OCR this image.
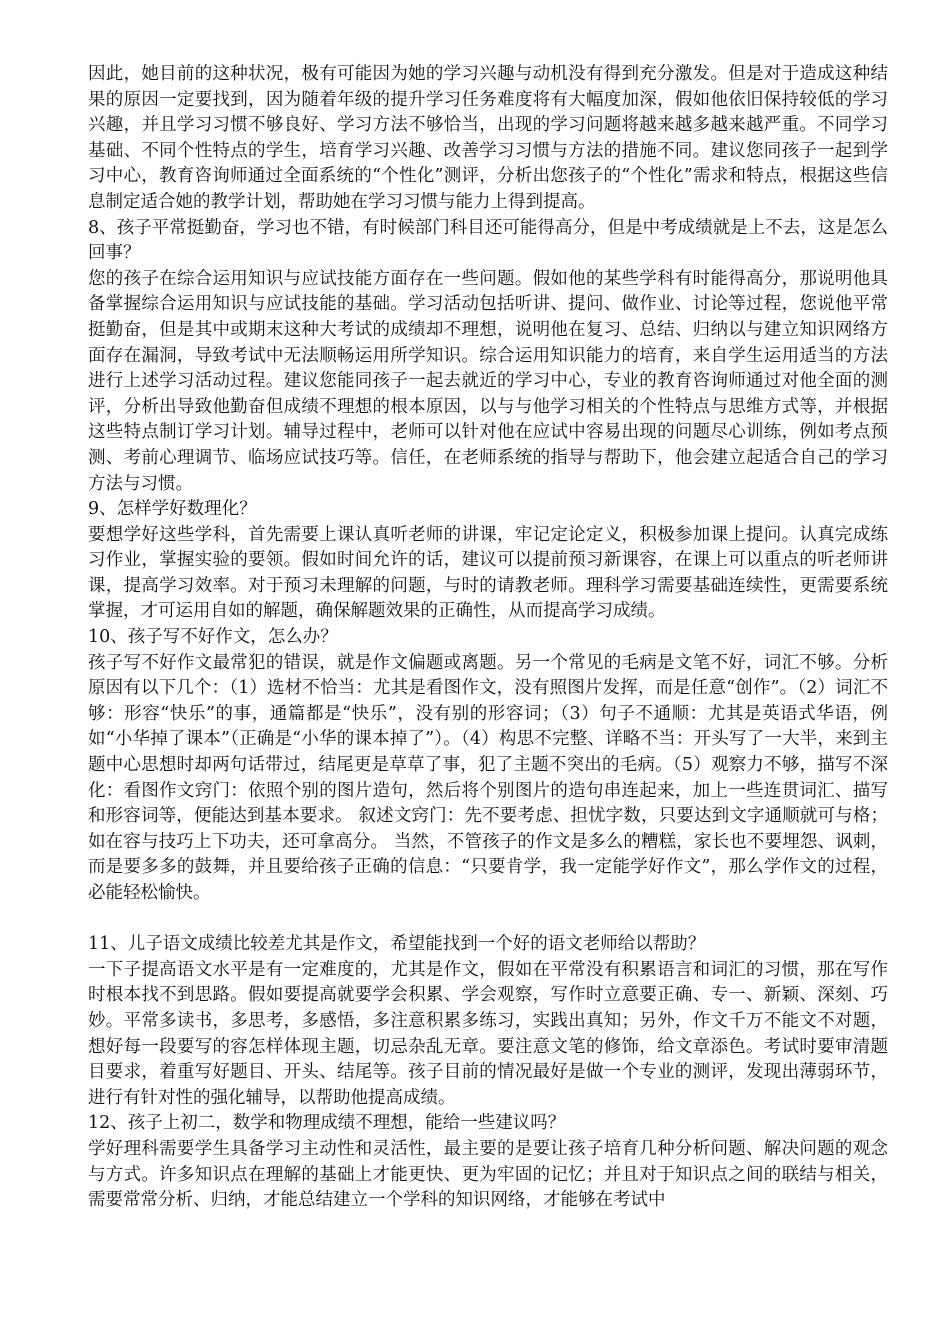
因此，她目前的这种状况，极有可能因为她的学习兴趣与动机没有得到充分激发。但是对于造成这种结果的原因一定要找到，因为随着年级的提升学习任务难度将有大幅度加深，假如他依旧保持较低的学习兴趣，并且学习习惯不够良好、学习方法不够恰当，出现的学习问题将越来越多越来越严重。不同学习基础、不同个性特点的学生，培育学习兴趣、改善学习习惯与方法的措施不同。建议您同孩子一起到学习中心，教育咨询师通过全面系统的“个性化”测评，分析出您孩子的“个性化”需求和特点，根据这些信息制定适合她的教学计划，帮助她在学习习惯与能力上得到提高。

8、孩子平常挺勤奋，学习也不错，有时候部门科目还可能得高分，但是中考成绩就是上不去，这是怎么回事？

您的孩子在综合运用知识与应试技能方面存在一些问题。假如他的某些学科有时能得高分，那说明他具备掌握综合运用知识与应试技能的基础。学习活动包括听讲、提问、做作业、讨论等过程，您说他平常挺勤奋，但是其中或期末这种大考试的成绩却不理想，说明他在复习、总结、归纳以与建立知识网络方面存在漏洞，导致考试中无法顺畅运用所学知识。综合运用知识能力的培育，来自学生运用适当的方法进行上述学习活动过程。建议您能同孩子一起去就近的学习中心，专业的教育咨询师通过对他全面的测评，分析出导致他勤奋但成绩不理想的根本原因，以与与他学习相关的个性特点与思维方式等，并根据这些特点制订学习计划。辅导过程中，老师可以针对他在应试中容易出现的问题尽心训练，例如考点预测、考前心理调节、临场应试技巧等。信任，在老师系统的指导与帮助下，他会建立起适合自己的学习方法与习惯。

9、怎样学好数理化？

要想学好这些学科，首先需要上课认真听老师的讲课，牢记定论定义，积极参加课上提问。认真完成练习作业，掌握实验的要领。假如时间允许的话，建议可以提前预习新课容，在课上可以重点的听老师讲课，提高学习效率。对于预习未理解的问题，与时的请教老师。理科学习需要基础连续性，更需要系统掌握，才可运用自如的解题，确保解题效果的正确性，从而提高学习成绩。

10、孩子写不好作文，怎么办？

孩子写不好作文最常犯的错误，就是作文偏题或离题。另一个常见的毛病是文笔不好，词汇不够。分析原因有以下几个：（1）选材不恰当：尤其是看图作文，没有照图片发挥，而是任意“创作”。（2）词汇不够：形容“快乐”的事，通篇都是“快乐”，没有别的形容词；（3）句子不通顺：尤其是英语式华语，例如“小华掉了课本”（正确是“小华的课本掉了”）。（4）构思不完整、详略不当：开头写了一大半，来到主题中心思想时却两句话带过，结尾更是草草了事，犯了主题不突出的毛病。（5）观察力不够，描写不深化：看图作文窍门：依照个别的图片造句，然后将个别图片的造句串连起来，加上一些连贯词汇、描写和形容词等，便能达到基本要求。 叙述文窍门：先不要考虑、担忧字数，只要达到文字通顺就可与格；如在容与技巧上下功夫，还可拿高分。 当然，不管孩子的作文是多么的糟糕，家长也不要埋怨、讽刺，而是要多多的鼓舞，并且要给孩子正确的信息：“只要肯学，我一定能学好作文”，那么学作文的过程，必能轻松愉快。

11、儿子语文成绩比较差尤其是作文，希望能找到一个好的语文老师给以帮助？

一下子提高语文水平是有一定难度的，尤其是作文，假如在平常没有积累语言和词汇的习惯，那在写作时根本找不到思路。假如要提高就要学会积累、学会观察，写作时立意要正确、专一、新颖、深刻、巧妙。平常多读书，多思考，多感悟，多注意积累多练习，实践出真知；另外，作文千万不能文不对题，想好每一段要写的容怎样体现主题，切忌杂乱无章。要注意文笔的修饰，给文章添色。考试时要审清题目要求，着重写好题目、开头、结尾等。孩子目前的情况最好是做一个专业的测评，发现出薄弱环节，进行有针对性的强化辅导，以帮助他提高成绩。

12、孩子上初二，数学和物理成绩不理想，能给一些建议吗？

学好理科需要学生具备学习主动性和灵活性，最主要的是要让孩子培育几种分析问题、解决问题的观念与方式。许多知识点在理解的基础上才能更快、更为牢固的记忆；并且对于知识点之间的联结与相关，需要常常分析、归纳，才能总结建立一个学科的知识网络，才能够在考试中
